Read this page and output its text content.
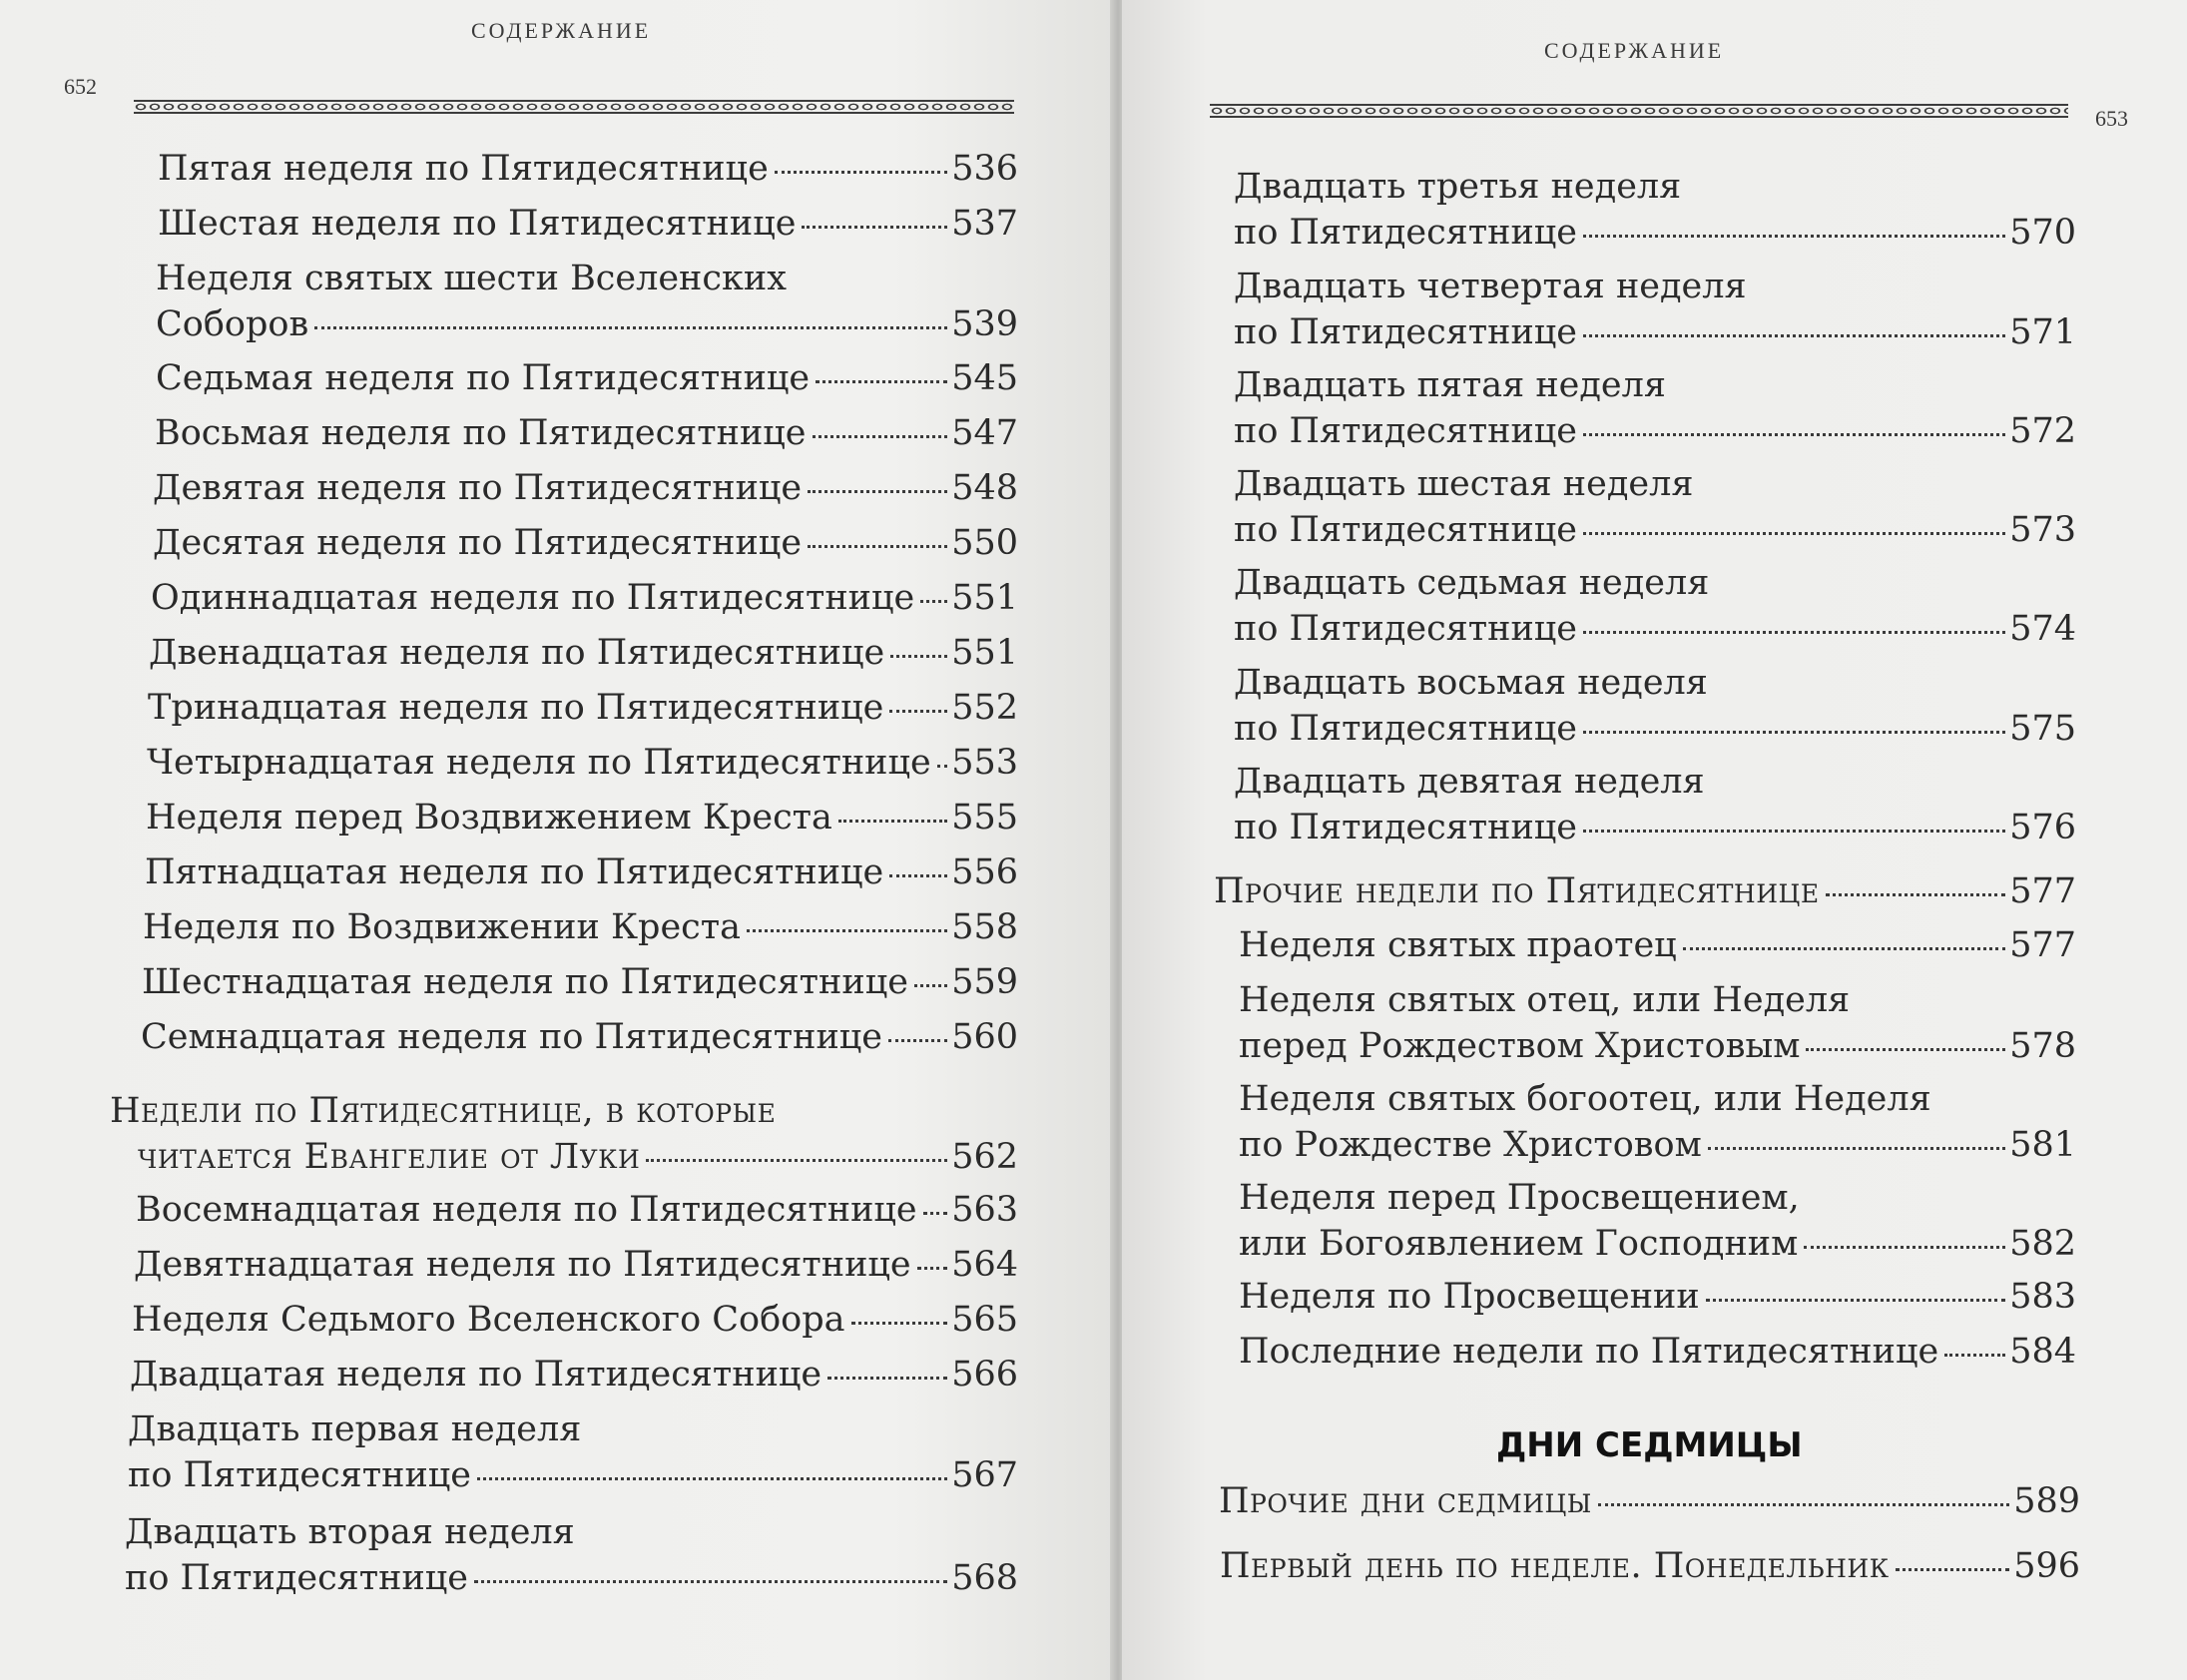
СОДЕРЖАНИЕ
652
Пятая неделя по Пятидесятнице	536
Шестая неделя по Пятидесятнице	537
Неделя святых шести Вселенских
Соборов	539
Седьмая неделя по Пятидесятнице	545
Восьмая неделя по Пятидесятнице	547
Девятая неделя по Пятидесятнице	548
Десятая неделя по Пятидесятнице	550
Одиннадцатая неделя по Пятидесятнице 551
Двенадцатая неделя по Пятидесятнице 551
Тринадцатая неделя по Пятидесятнице 552
Четырнадцатая неделя по Пятидесятнице 553
Неделя перед Воздвижением Креста	555
Пятнадцатая неделя по Пятидесятнице 556
Неделя по Воздвижении Креста	558
Шестнадцатая неделя по Пятидесятнице 559
Семнадцатая неделя по Пятидесятнице 560
Недели по Пятидесятнице, в которые
читается Евангелие от Луки	562
Восемнадцатая неделя по Пятидесятнице 563
Девятнадцатая неделя по Пятидесятнице 564
Неделя Седьмого Вселенского Собора	565
Двадцатая неделя по Пятидесятнице	566
Двадцать первая неделя
по Пятидесятнице	567
Двадцать вторая неделя
по Пятидесятнице	568
СОДЕРЖАНИЕ
653
Двадцать третья неделя
по Пятидесятнице	570
Двадцать четвертая неделя
по Пятидесятнице	571
Двадцать пятая неделя
по Пятидесятнице	572
Двадцать шестая неделя
по Пятидесятнице	573
Двадцать седьмая неделя
по Пятидесятнице	574
Двадцать восьмая неделя
по Пятидесятнице	575
Двадцать девятая неделя
по Пятидесятнице	576
Прочие недели по Пятидесятнице	577
Неделя святых праотец	577
Неделя святых отец, или Неделя
перед Рождеством Христовым	578
Неделя святых богоотец, или Неделя
по Рождестве Христовом	581
Неделя перед Просвещением,
или Богоявлением Господним	582
Неделя по Просвещении	583
Последние недели по Пятидесятнице 584
ДНИ СЕДМИЦЫ
Прочие дни седмицы	589
Первый день по неделе. Понедельник	596
